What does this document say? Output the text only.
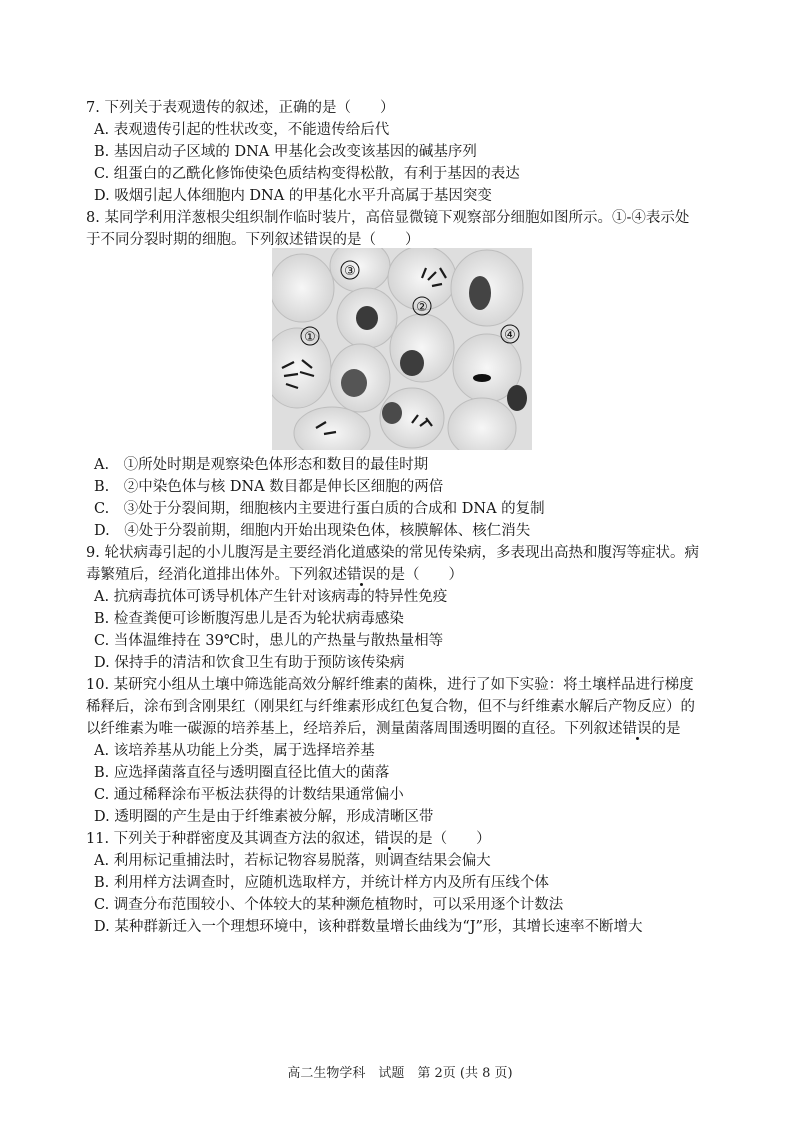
7. 下列关于表观遗传的叙述，正确的是（　　）

A. 表观遗传引起的性状改变，不能遗传给后代

B. 基因启动子区域的 DNA 甲基化会改变该基因的碱基序列

C. 组蛋白的乙酰化修饰使染色质结构变得松散，有利于基因的表达

D. 吸烟引起人体细胞内 DNA 的甲基化水平升高属于基因突变

8. 某同学利用洋葱根尖组织制作临时装片，高倍显微镜下观察部分细胞如图所示。①-④表示处

于不同分裂时期的细胞。下列叙述错误的是（　　）

③
②
④
①

A.　①所处时期是观察染色体形态和数目的最佳时期

B.　②中染色体与核 DNA 数目都是伸长区细胞的两倍

C.　③处于分裂间期，细胞核内主要进行蛋白质的合成和 DNA 的复制

D.　④处于分裂前期，细胞内开始出现染色体，核膜解体、核仁消失

9. 轮状病毒引起的小儿腹泻是主要经消化道感染的常见传染病，多表现出高热和腹泻等症状。病

毒繁殖后，经消化道排出体外。下列叙述错误的是（　　）

A. 抗病毒抗体可诱导机体产生针对该病毒的特异性免疫

B. 检查粪便可诊断腹泻患儿是否为轮状病毒感染

C. 当体温维持在 39℃时，患儿的产热量与散热量相等

D. 保持手的清洁和饮食卫生有助于预防该传染病

10. 某研究小组从土壤中筛选能高效分解纤维素的菌株，进行了如下实验：将土壤样品进行梯度

稀释后，涂布到含刚果红（刚果红与纤维素形成红色复合物，但不与纤维素水解后产物反应）的

以纤维素为唯一碳源的培养基上，经培养后，测量菌落周围透明圈的直径。下列叙述错误的是

A. 该培养基从功能上分类，属于选择培养基

B. 应选择菌落直径与透明圈直径比值大的菌落

C. 通过稀释涂布平板法获得的计数结果通常偏小

D. 透明圈的产生是由于纤维素被分解，形成清晰区带

11. 下列关于种群密度及其调查方法的叙述，错误的是（　　）

A. 利用标记重捕法时，若标记物容易脱落，则调查结果会偏大

B. 利用样方法调查时，应随机选取样方，并统计样方内及所有压线个体

C. 调查分布范围较小、个体较大的某种濒危植物时，可以采用逐个计数法

D. 某种群新迁入一个理想环境中，该种群数量增长曲线为“J”形，其增长速率不断增大

高二生物学科　试题　第 2页 (共 8 页)
